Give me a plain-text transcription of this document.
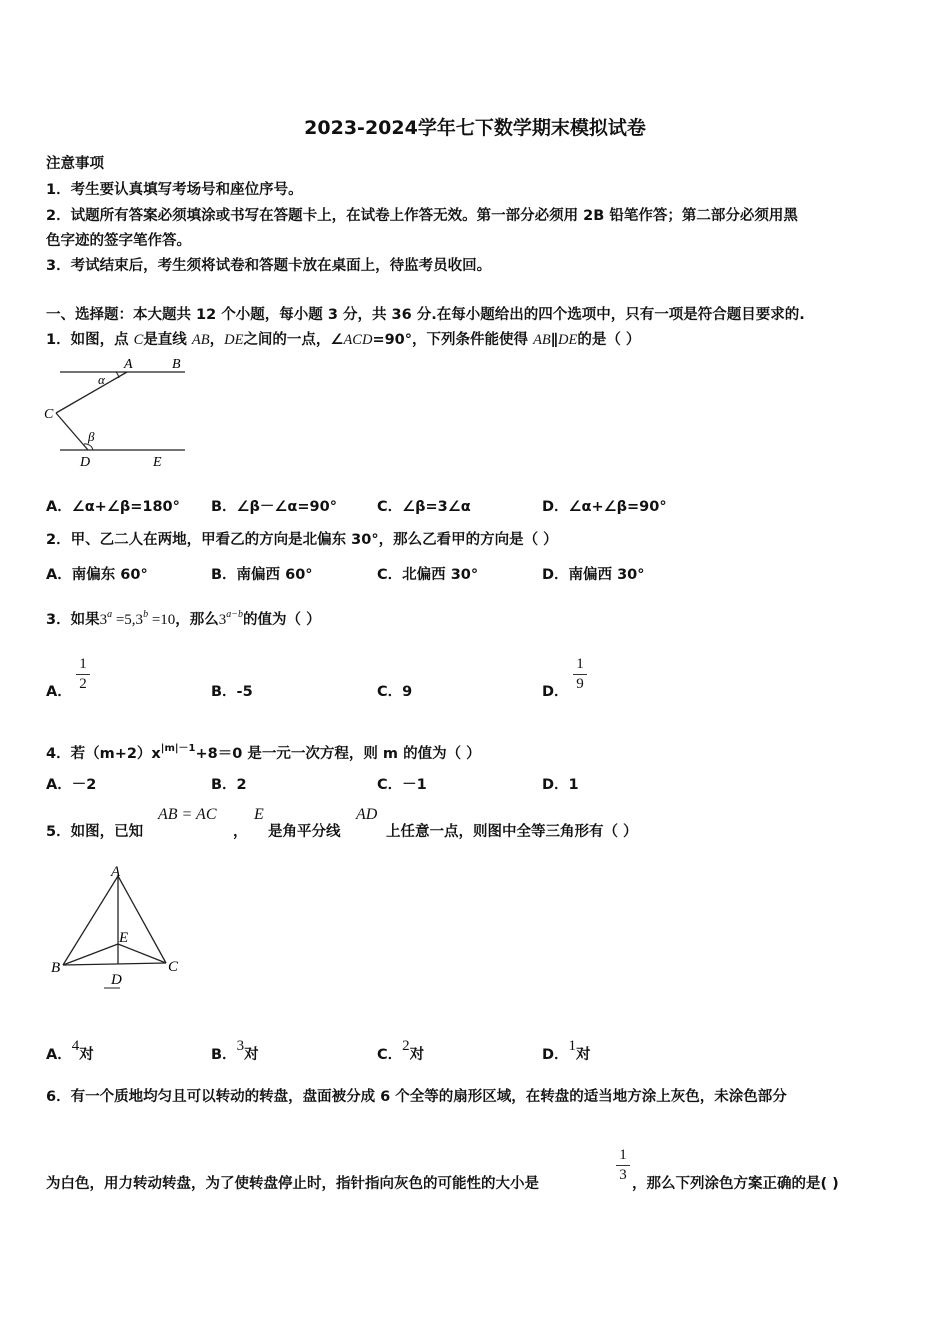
2023-2024学年七下数学期末模拟试卷
注意事项
1．考生要认真填写考场号和座位序号。
2．试题所有答案必须填涂或书写在答题卡上，在试卷上作答无效。第一部分必须用 2B 铅笔作答；第二部分必须用黑
色字迹的签字笔作答。
3．考试结束后，考生须将试卷和答题卡放在桌面上，待监考员收回。
一、选择题：本大题共 12 个小题，每小题 3 分，共 36 分.在每小题给出的四个选项中，只有一项是符合题目要求的.
1．如图，点 C是直线 AB，DE之间的一点，∠ACD=90°，下列条件能使得 AB∥DE的是（ ）
A	B
C
D	E
α
β
A．∠α+∠β=180° B．∠β－∠α=90°	C．∠β=3∠α	D．∠α+∠β=90°
2．甲、乙二人在两地，甲看乙的方向是北偏东 30°，那么乙看甲的方向是（ ）
A．南偏东 60°	B．南偏西 60°	C．北偏西 30°	D．南偏西 30°
3．如果$3^a =5,3^b =10$，那么$3^{a-b}$的值为（ ）
A．
1
2	B．-5	C．9	D．
1
9
4．若$(m+2)x^{|m|-1}+8=0$ 是一元一次方程，则 m 的值为（ ）
A．－2	B．2	C．－1	D．1
5．如图，已知
AB = AC
，
E
是角平分线
AD
上任意一点，则图中全等三角形有（ ）
A
B	C
D
E
A．4对	B．3对	C．2对	D．1对
6．有一个质地均匀且可以转动的转盘，盘面被分成 6 个全等的扇形区域，在转盘的适当地方涂上灰色，未涂色部分
为白色，用力转动转盘，为了使转盘停止时，指针指向灰色的可能性的大小是
1
3
，那么下列涂色方案正确的是( )
